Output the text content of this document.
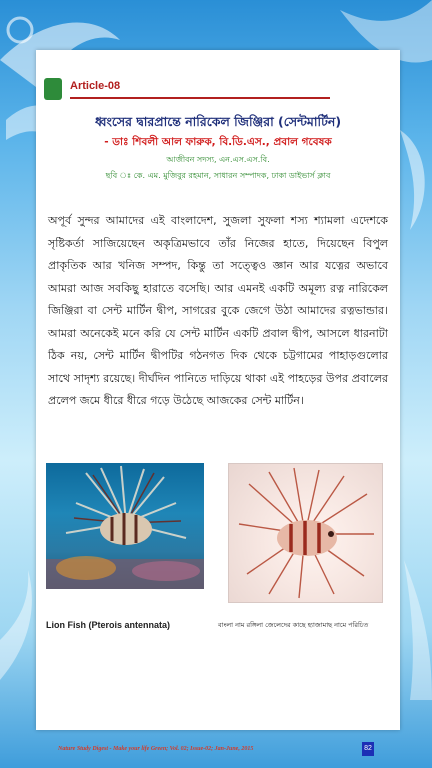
Article-08
ধ্বংসের দ্বারপ্রান্তে নারিকেল জিঞ্জিরা (সেন্টমার্টিন)
- ডাঃ শিবলী আল ফারুক, বি.ডি.এস., প্রবাল গবেষক
আজীবন সদস্য, এন.এস.এস.বি.
ছবি ঃ কে. এম. মুজিবুর রহমান, সাধারন সম্পাদক, ঢাকা ডাইভার্স ক্লাব
অপূর্ব সুন্দর আমাদের এই বাংলাদেশ, সুজলা সুফলা শস্য শ্যামলা এদেশকে সৃষ্টিকর্তা সাজিয়েছেন অকৃত্রিমভাবে তাঁর নিজের হাতে, দিয়েছেন বিপুল প্রাকৃতিক আর খনিজ সম্পদ, কিন্তু তা সত্ত্বেও জ্ঞান আর যত্নের অভাবে আমরা আজ সবকিছু হারাতে বসেছি। আর এমনই একটি অমূল্য রত্ন নারিকেল জিঞ্জিরা বা সেন্ট মার্টিন দ্বীপ, সাগরের বুকে জেগে উঠা আমাদের রত্নভান্ডার। আমরা অনেকেই মনে করি যে সেন্ট মার্টিন একটি প্রবাল দ্বীপ, আসলে ধারনাটা ঠিক নয়, সেন্ট মার্টিন দ্বীপটির গঠনগত দিক থেকে চট্টগামের পাহাড়গুলোর সাথে সাদৃশ্য রয়েছে। দীর্ঘদিন পানিতে দাড়িয়ে থাকা এই পাহড়ের উপর প্রবালের প্রলেপ জমে ধীরে ধীরে গড়ে উঠেছে আজকের সেন্ট মার্টিন।
Lion Fish (Pterois antennata)	বাংলা নাম রঙ্গিলা জেলেদের কাছে হ্যাজামাছ নামে পরিচিত
Nature Study Digest - Make your life Green; Vol. 02; Issue-02; Jan-June, 2015	82
